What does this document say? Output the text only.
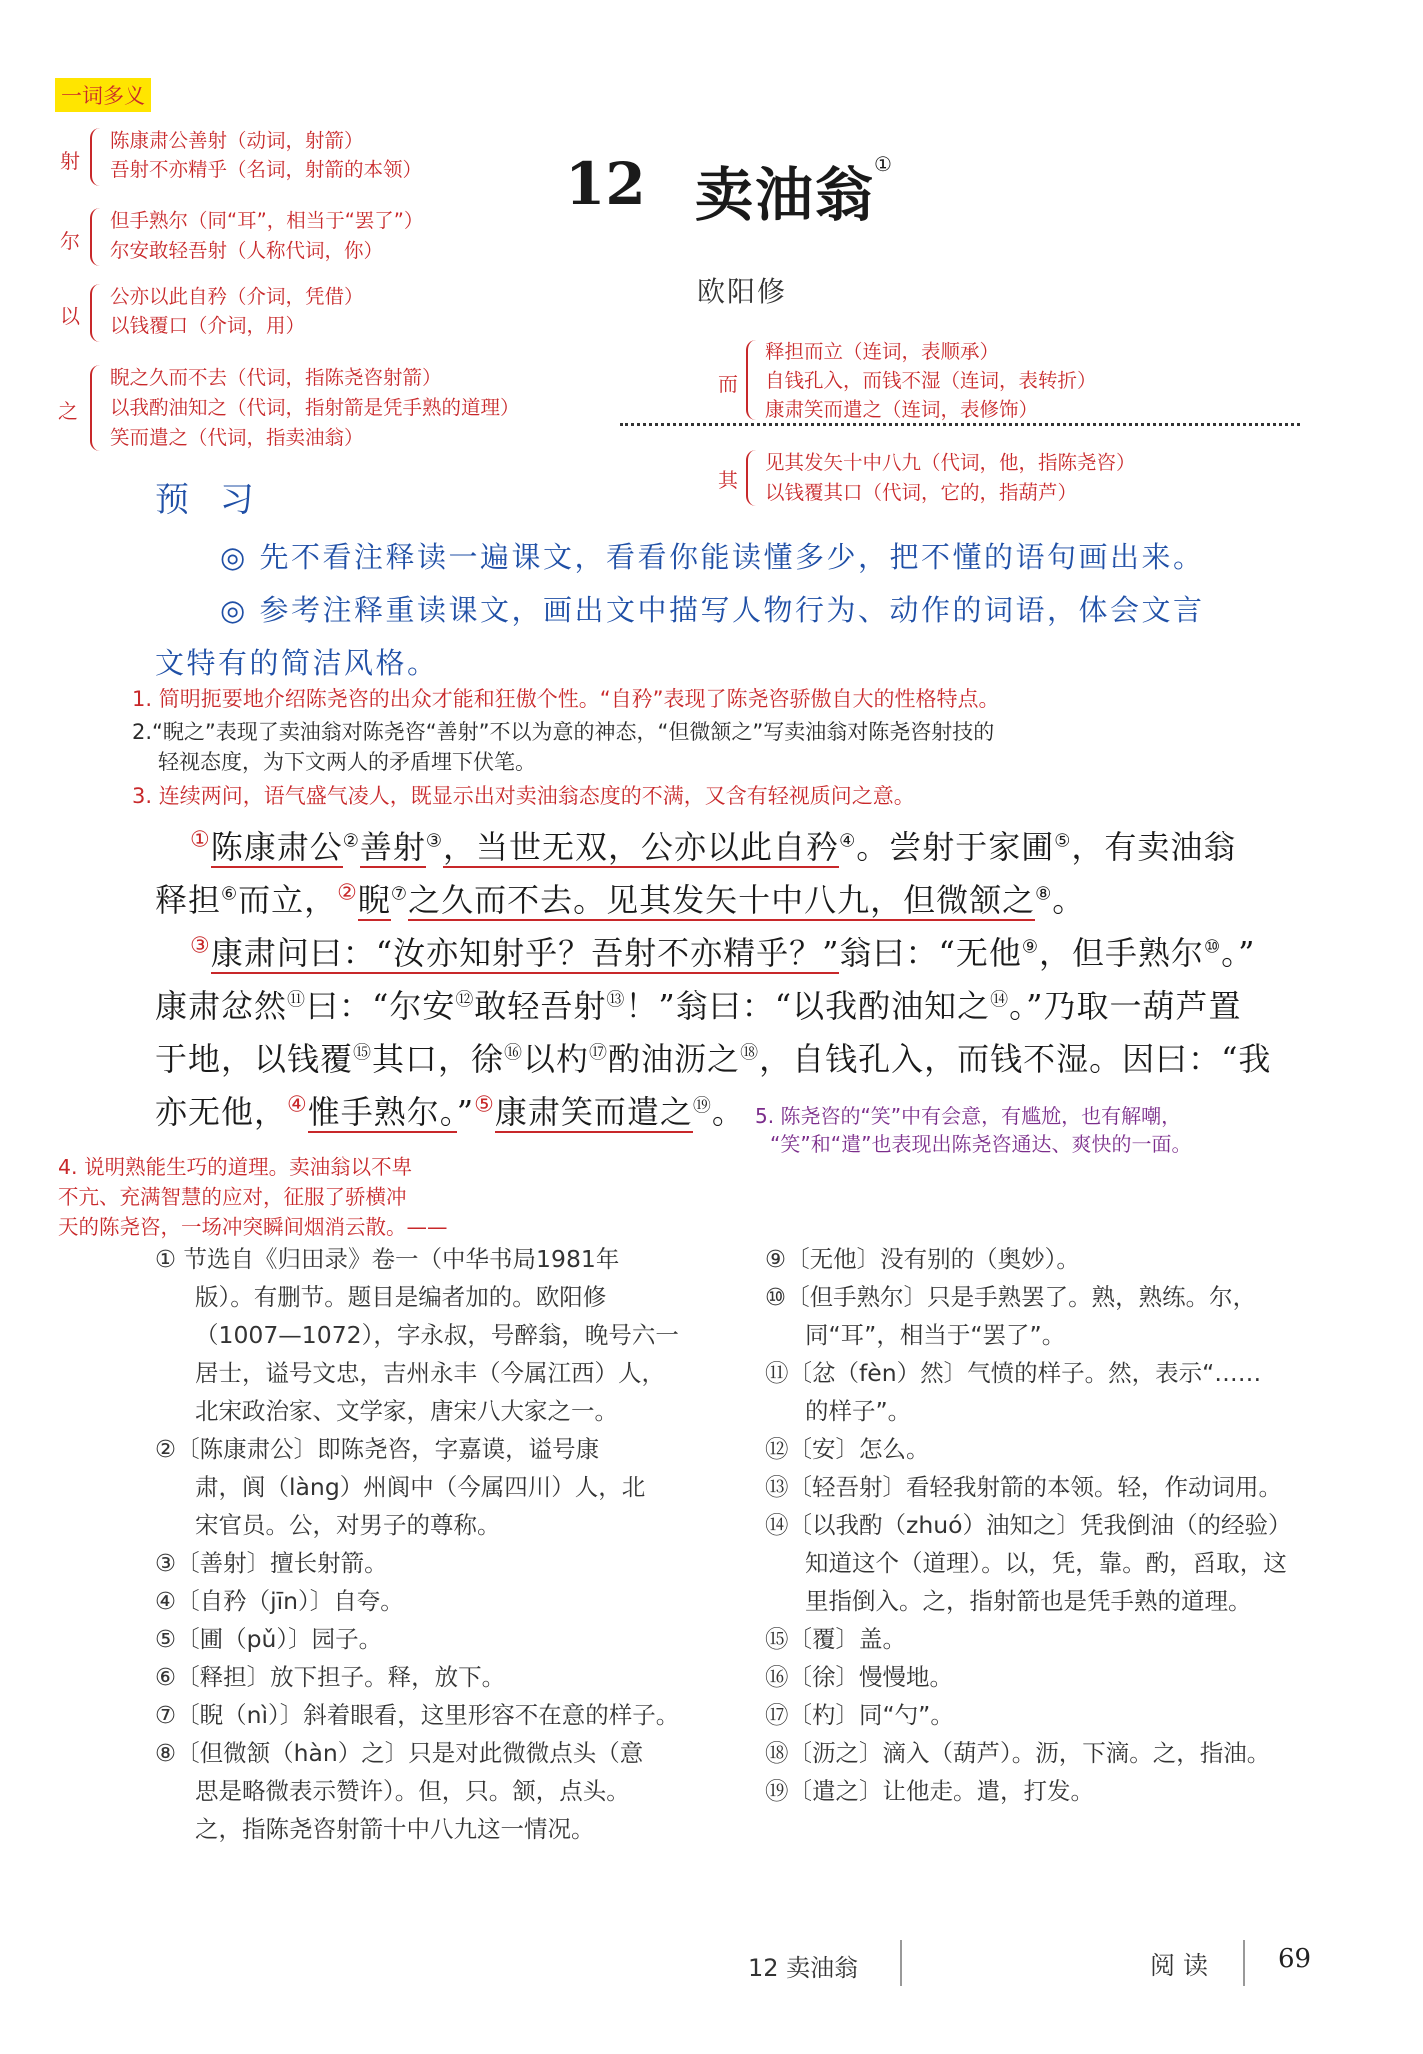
一词多义
射
陈康肃公善射（动词，射箭）
吾射不亦精乎（名词，射箭的本领）
尔
但手熟尔（同“耳”，相当于“罢了”）
尔安敢轻吾射（人称代词，你）
以
公亦以此自矜（介词，凭借）
以钱覆口（介词，用）
之
睨之久而不去（代词，指陈尧咨射箭）
以我酌油知之（代词，指射箭是凭手熟的道理）
笑而遣之（代词，指卖油翁）
12 卖油翁
①
欧阳修
而
释担而立（连词，表顺承）
自钱孔入，而钱不湿（连词，表转折）
康肃笑而遣之（连词，表修饰）
其
见其发矢十中八九（代词，他，指陈尧咨）
以钱覆其口（代词，它的，指葫芦）
预 习
◎ 先不看注释读一遍课文，看看你能读懂多少，把不懂的语句画出来。
◎ 参考注释重读课文，画出文中描写人物行为、动作的词语，体会文言
文特有的简洁风格。
1. 简明扼要地介绍陈尧咨的出众才能和狂傲个性。“自矜”表现了陈尧咨骄傲自大的性格特点。
2.“睨之”表现了卖油翁对陈尧咨“善射”不以为意的神态，“但微颔之”写卖油翁对陈尧咨射技的
轻视态度，为下文两人的矛盾埋下伏笔。
3. 连续两问，语气盛气凌人，既显示出对卖油翁态度的不满，又含有轻视质问之意。
①陈康肃公②善射③，当世无双，公亦以此自矜④。尝射于家圃⑤，有卖油翁
释担⑥而立，②睨⑦之久而不去。见其发矢十中八九，但微颔之⑧。
③康肃问曰：“汝亦知射乎？吾射不亦精乎？”翁曰：“无他⑨，但手熟尔⑩。”
康肃忿然⑪曰：“尔安⑫敢轻吾射⑬！”翁曰：“以我酌油知之⑭。”乃取一葫芦置
于地，以钱覆⑮其口，徐⑯以杓⑰酌油沥之⑱，自钱孔入，而钱不湿。因曰：“我
亦无他，④惟手熟尔。”⑤康肃笑而遣之⑲。 5. 陈尧咨的“笑”中有会意，有尴尬，也有解嘲，
“笑”和“遣”也表现出陈尧咨通达、爽快的一面。
4. 说明熟能生巧的道理。卖油翁以不卑
不亢、充满智慧的应对，征服了骄横冲
天的陈尧咨，一场冲突瞬间烟消云散。——
① 节选自《归田录》卷一（中华书局1981年
版）。有删节。题目是编者加的。欧阳修
（1007—1072），字永叔，号醉翁，晚号六一
居士，谥号文忠，吉州永丰（今属江西）人，
北宋政治家、文学家，唐宋八大家之一。
②〔陈康肃公〕即陈尧咨，字嘉谟，谥号康
肃，阆（làng）州阆中（今属四川）人，北
宋官员。公，对男子的尊称。
③〔善射〕擅长射箭。
④〔自矜（jīn）〕自夸。
⑤〔圃（pǔ）〕园子。
⑥〔释担〕放下担子。释，放下。
⑦〔睨（nì）〕斜着眼看，这里形容不在意的样子。
⑧〔但微颔（hàn）之〕只是对此微微点头（意
思是略微表示赞许）。但，只。颔，点头。
之，指陈尧咨射箭十中八九这一情况。
⑨〔无他〕没有别的（奥妙）。
⑩〔但手熟尔〕只是手熟罢了。熟，熟练。尔，
同“耳”，相当于“罢了”。
⑪〔忿（fèn）然〕气愤的样子。然，表示“……
的样子”。
⑫〔安〕怎么。
⑬〔轻吾射〕看轻我射箭的本领。轻，作动词用。
⑭〔以我酌（zhuó）油知之〕凭我倒油（的经验）
知道这个（道理）。以，凭，靠。酌，舀取，这
里指倒入。之，指射箭也是凭手熟的道理。
⑮〔覆〕盖。
⑯〔徐〕慢慢地。
⑰〔杓〕同“勺”。
⑱〔沥之〕滴入（葫芦）。沥，下滴。之，指油。
⑲〔遣之〕让他走。遣，打发。
12 卖油翁	阅读 69
